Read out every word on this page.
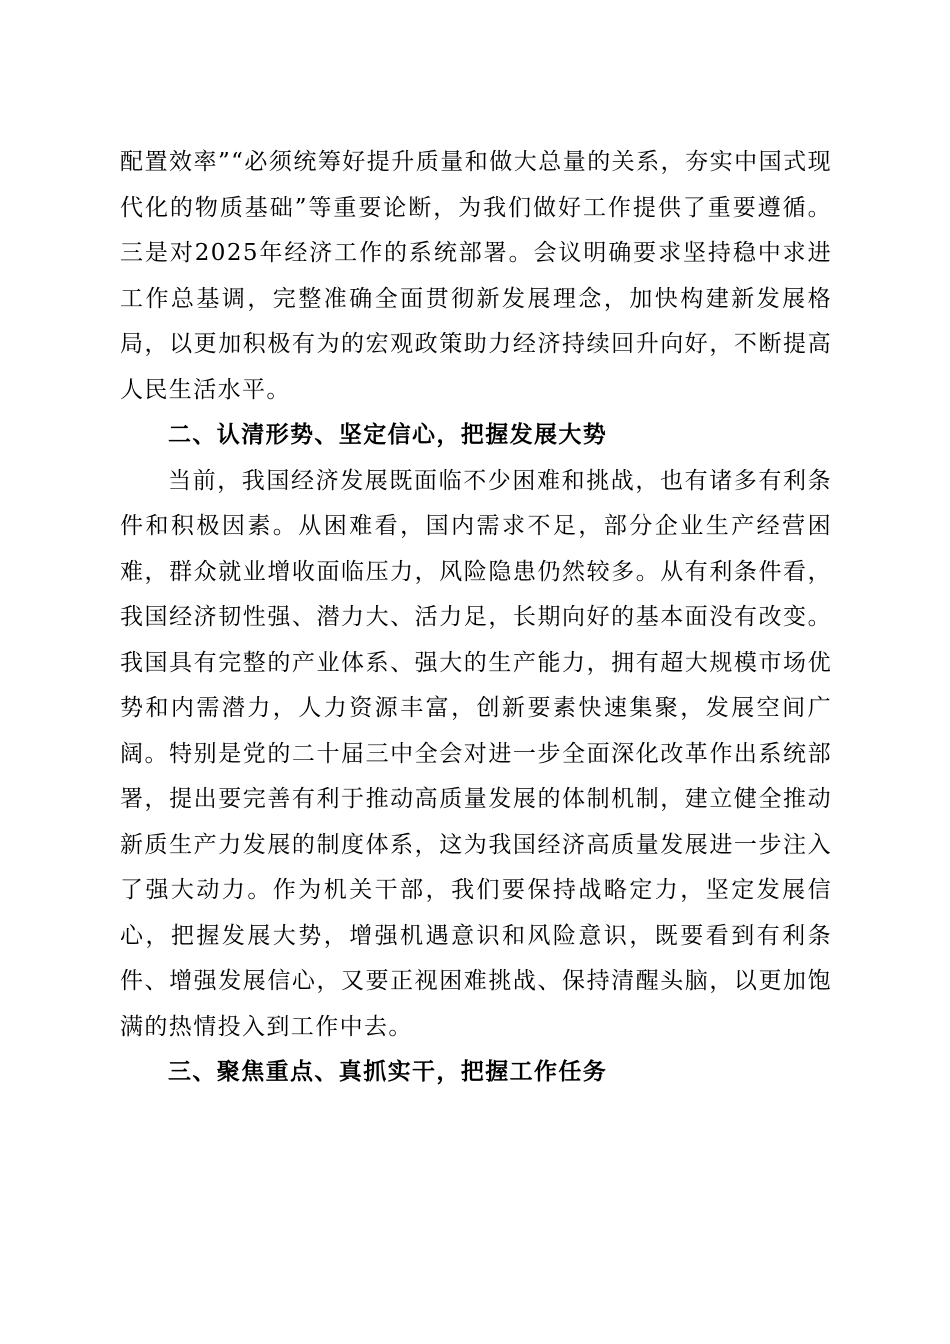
配置效率”“必须统筹好提升质量和做大总量的关系，夯实中国式现代化的物质基础”等重要论断，为我们做好工作提供了重要遵循。三是对2025年经济工作的系统部署。会议明确要求坚持稳中求进工作总基调，完整准确全面贯彻新发展理念，加快构建新发展格局，以更加积极有为的宏观政策助力经济持续回升向好，不断提高人民生活水平。

二、认清形势、坚定信心，把握发展大势

当前，我国经济发展既面临不少困难和挑战，也有诸多有利条件和积极因素。从困难看，国内需求不足，部分企业生产经营困难，群众就业增收面临压力，风险隐患仍然较多。从有利条件看，我国经济韧性强、潜力大、活力足，长期向好的基本面没有改变。我国具有完整的产业体系、强大的生产能力，拥有超大规模市场优势和内需潜力，人力资源丰富，创新要素快速集聚，发展空间广阔。特别是党的二十届三中全会对进一步全面深化改革作出系统部署，提出要完善有利于推动高质量发展的体制机制，建立健全推动新质生产力发展的制度体系，这为我国经济高质量发展进一步注入了强大动力。作为机关干部，我们要保持战略定力，坚定发展信心，把握发展大势，增强机遇意识和风险意识，既要看到有利条件、增强发展信心，又要正视困难挑战、保持清醒头脑，以更加饱满的热情投入到工作中去。

三、聚焦重点、真抓实干，把握工作任务
